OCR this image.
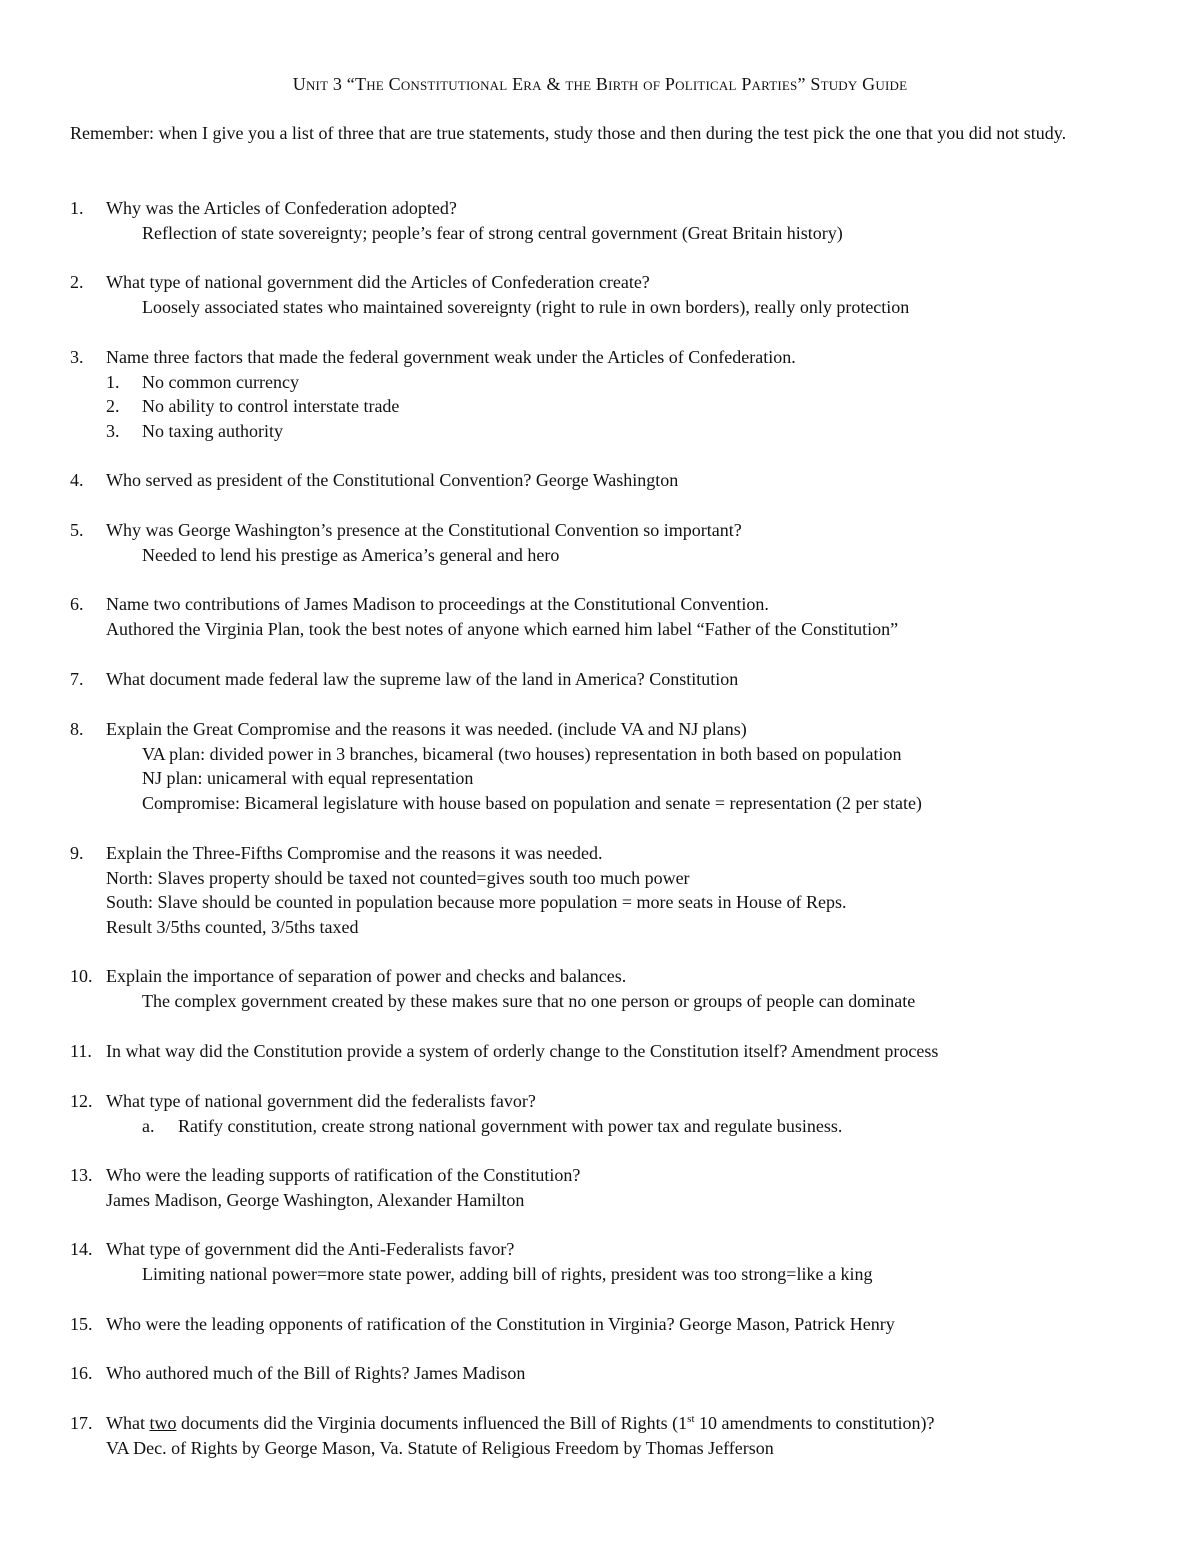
Unit 3 “The Constitutional Era & the Birth of Political Parties” Study Guide
Remember: when I give you a list of three that are true statements, study those and then during the test pick the one that you did not study.
1.	Why was the Articles of Confederation adopted?
Reflection of state sovereignty; people’s fear of strong central government (Great Britain history)
2.	What type of national government did the Articles of Confederation create?
Loosely associated states who maintained sovereignty (right to rule in own borders), really only protection
3.	Name three factors that made the federal government weak under the Articles of Confederation.
1. No common currency
2. No ability to control interstate trade
3. No taxing authority
4.	Who served as president of the Constitutional Convention? George Washington
5.	Why was George Washington’s presence at the Constitutional Convention so important?
Needed to lend his prestige as America’s general and hero
6.	Name two contributions of James Madison to proceedings at the Constitutional Convention.
Authored the Virginia Plan, took the best notes of anyone which earned him label “Father of the Constitution”
7.	What document made federal law the supreme law of the land in America? Constitution
8.	Explain the Great Compromise and the reasons it was needed. (include VA and NJ plans)
VA plan: divided power in 3 branches, bicameral (two houses) representation in both based on population
NJ plan: unicameral with equal representation
Compromise: Bicameral legislature with house based on population and senate = representation (2 per state)
9.	Explain the Three-Fifths Compromise and the reasons it was needed.
North: Slaves property should be taxed not counted=gives south too much power
South: Slave should be counted in population because more population = more seats in House of Reps.
Result 3/5ths counted, 3/5ths taxed
10. Explain the importance of separation of power and checks and balances.
The complex government created by these makes sure that no one person or groups of people can dominate
11. In what way did the Constitution provide a system of orderly change to the Constitution itself? Amendment process
12. What type of national government did the federalists favor?
a. Ratify constitution, create strong national government with power tax and regulate business.
13. Who were the leading supports of ratification of the Constitution?
James Madison, George Washington, Alexander Hamilton
14. What type of government did the Anti-Federalists favor?
Limiting national power=more state power, adding bill of rights, president was too strong=like a king
15. Who were the leading opponents of ratification of the Constitution in Virginia? George Mason, Patrick Henry
16. Who authored much of the Bill of Rights? James Madison
17. What two documents did the Virginia documents influenced the Bill of Rights (1st 10 amendments to constitution)?
VA Dec. of Rights by George Mason, Va. Statute of Religious Freedom by Thomas Jefferson
